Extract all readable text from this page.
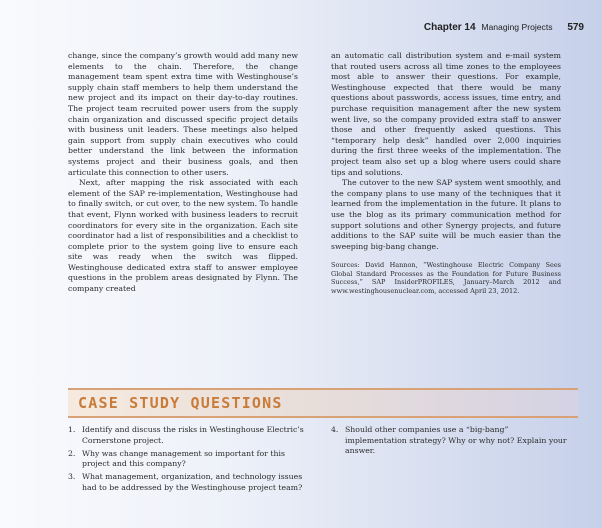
Chapter 14 Managing Projects 579

change, since the company’s growth would add many new elements to the chain. Therefore, the change management team spent extra time with Westinghouse’s supply chain staff members to help them understand the new project and its impact on their day-to-day routines. The project team recruited power users from the supply chain organization and discussed specific project details with business unit leaders. These meetings also helped gain support from supply chain executives who could better understand the link between the information systems project and their business goals, and then articulate this connection to other users.

Next, after mapping the risk associated with each element of the SAP re-implementation, Westinghouse had to finally switch, or cut over, to the new system. To handle that event, Flynn worked with business leaders to recruit coordinators for every site in the organization. Each site coordinator had a list of responsibilities and a checklist to complete prior to the system going live to ensure each site was ready when the switch was flipped. Westinghouse dedicated extra staff to answer employee questions in the problem areas designated by Flynn. The company created

an automatic call distribution system and e-mail system that routed users across all time zones to the employees most able to answer their questions. For example, Westinghouse expected that there would be many questions about passwords, access issues, time entry, and purchase requisition management after the new system went live, so the company provided extra staff to answer those and other frequently asked questions. This “temporary help desk” handled over 2,000 inquiries during the first three weeks of the implementation. The project team also set up a blog where users could share tips and solutions.

The cutover to the new SAP system went smoothly, and the company plans to use many of the techniques that it learned from the implementation in the future. It plans to use the blog as its primary communication method for support solutions and other Synergy projects, and future additions to the SAP suite will be much easier than the sweeping big-bang change.

Sources: David Hannon, “Westinghouse Electric Company Sees Global Standard Processes as the Foundation for Future Business Success,” SAP InsiderPROFILES, January–March 2012 and www.westinghousenuclear.com, accessed April 23, 2012.

CASE STUDY QUESTIONS
1. Identify and discuss the risks in Westinghouse Electric’s Cornerstone project.
2. Why was change management so important for this project and this company?
3. What management, organization, and technology issues had to be addressed by the Westinghouse project team?
4. Should other companies use a “big-bang” implementation strategy? Why or why not? Explain your answer.
